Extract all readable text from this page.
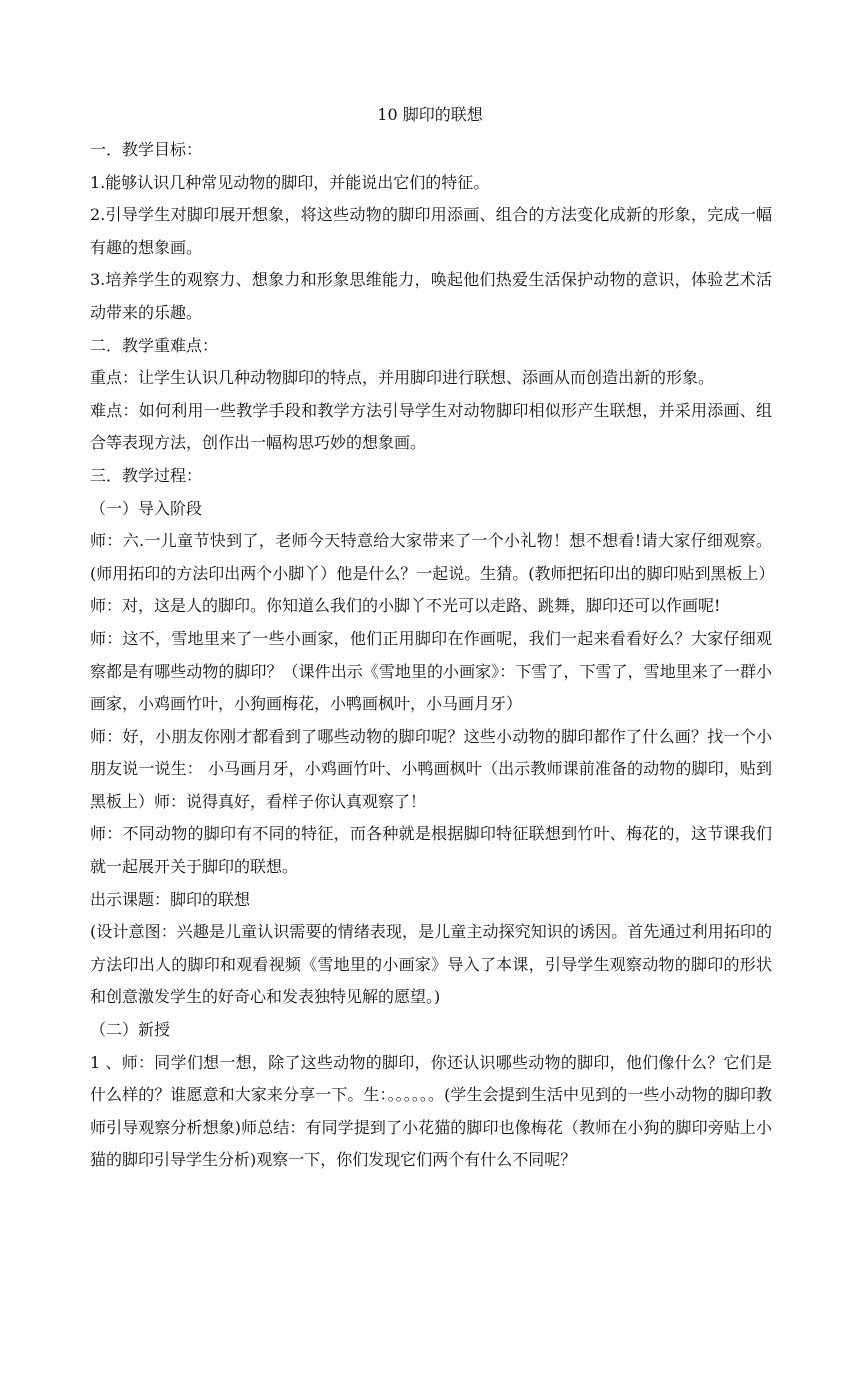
10 脚印的联想

一．教学目标：

1.能够认识几种常见动物的脚印，并能说出它们的特征。

2.引导学生对脚印展开想象，将这些动物的脚印用添画、组合的方法变化成新的形象，完成一幅有趣的想象画。

3.培养学生的观察力、想象力和形象思维能力，唤起他们热爱生活保护动物的意识，体验艺术活动带来的乐趣。

二．教学重难点：

重点：让学生认识几种动物脚印的特点，并用脚印进行联想、添画从而创造出新的形象。

难点：如何利用一些教学手段和教学方法引导学生对动物脚印相似形产生联想，并采用添画、组合等表现方法，创作出一幅构思巧妙的想象画。

三．教学过程：

（一）导入阶段

师：六.一儿童节快到了，老师今天特意给大家带来了一个小礼物！想不想看!请大家仔细观察。(师用拓印的方法印出两个小脚丫）他是什么？一起说。生猜。(教师把拓印出的脚印贴到黑板上）

师：对，这是人的脚印。你知道么我们的小脚丫不光可以走路、跳舞，脚印还可以作画呢!

师：这不，雪地里来了一些小画家，他们正用脚印在作画呢，我们一起来看看好么？大家仔细观察都是有哪些动物的脚印？（课件出示《雪地里的小画家》：下雪了，下雪了，雪地里来了一群小画家，小鸡画竹叶，小狗画梅花，小鸭画枫叶，小马画月牙）

师：好，小朋友你刚才都看到了哪些动物的脚印呢？这些小动物的脚印都作了什么画？找一个小朋友说一说生： 小马画月牙，小鸡画竹叶、小鸭画枫叶（出示教师课前准备的动物的脚印，贴到黑板上）师：说得真好，看样子你认真观察了！

师：不同动物的脚印有不同的特征，而各种就是根据脚印特征联想到竹叶、梅花的，这节课我们就一起展开关于脚印的联想。

出示课题：脚印的联想

(设计意图：兴趣是儿童认识需要的情绪表现，是儿童主动探究知识的诱因。首先通过利用拓印的方法印出人的脚印和观看视频《雪地里的小画家》导入了本课，引导学生观察动物的脚印的形状和创意激发学生的好奇心和发表独特见解的愿望。)

（二）新授

1 、师：同学们想一想，除了这些动物的脚印，你还认识哪些动物的脚印，他们像什么？它们是什么样的？谁愿意和大家来分享一下。生：。。。。。。(学生会提到生活中见到的一些小动物的脚印教师引导观察分析想象)师总结：有同学提到了小花猫的脚印也像梅花（教师在小狗的脚印旁贴上小猫的脚印引导学生分析)观察一下，你们发现它们两个有什么不同呢？
